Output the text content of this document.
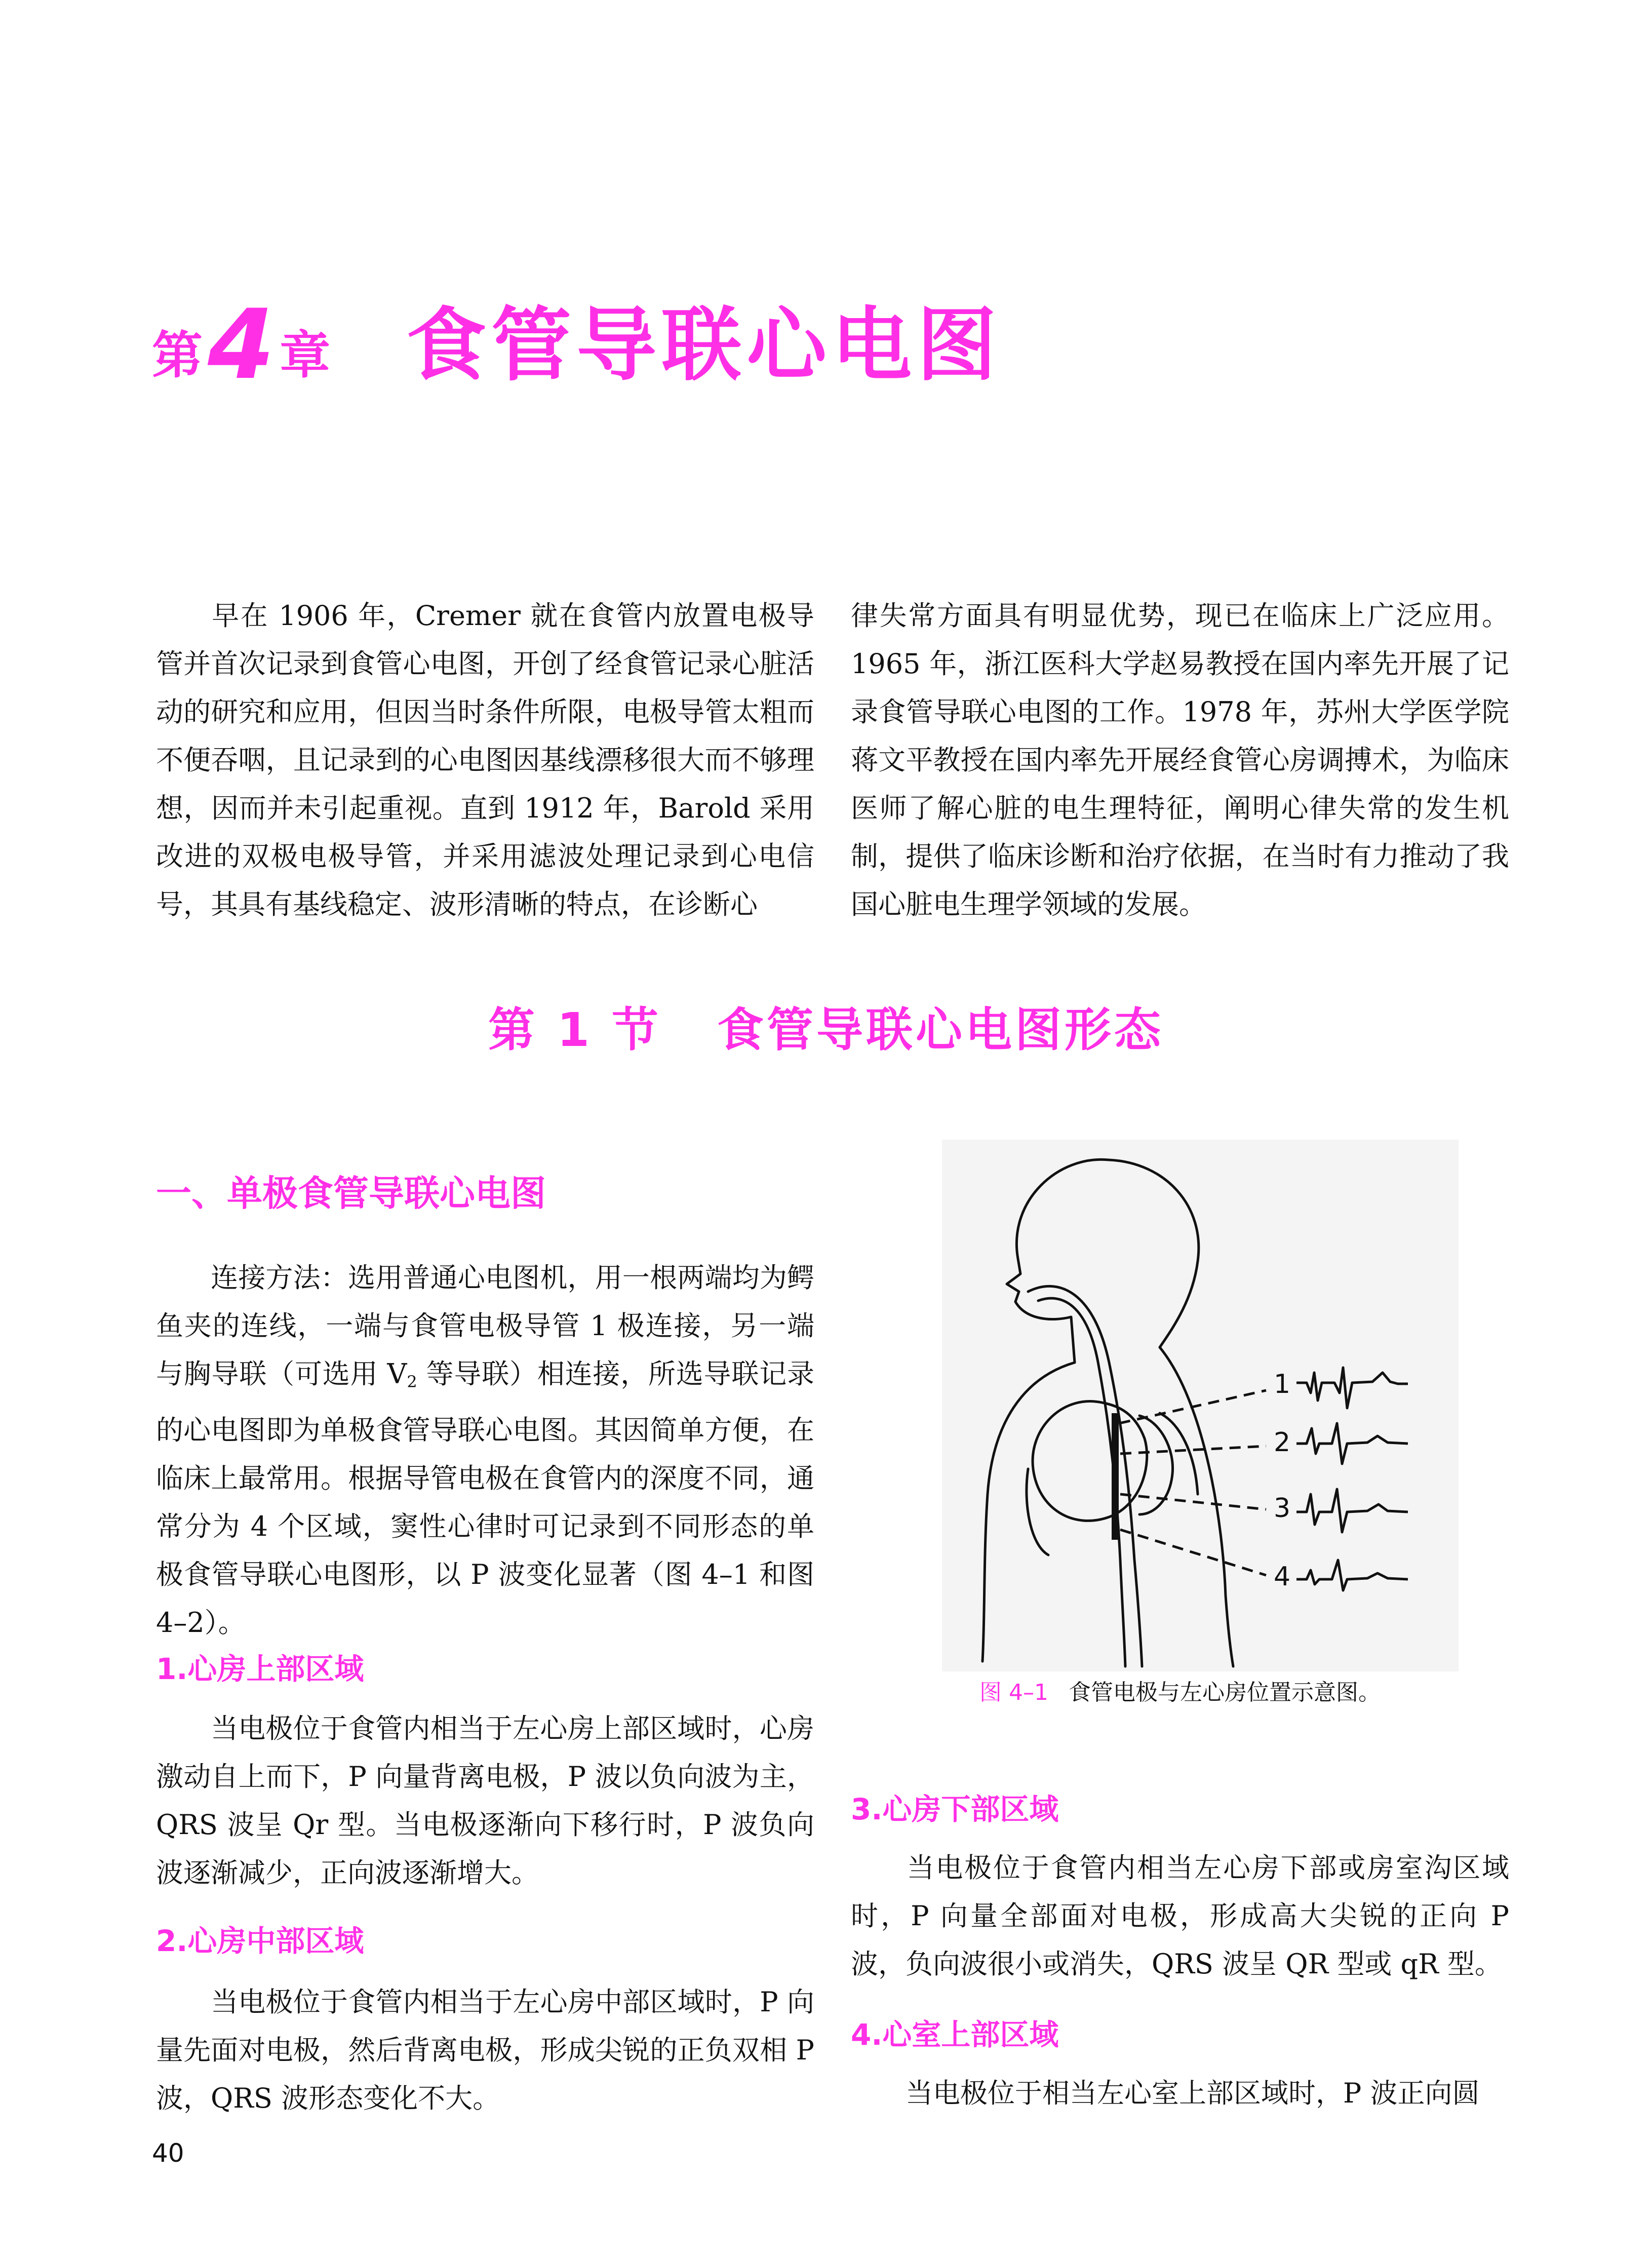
第4 章 食管导联心电图
早在 1906 年，Cremer 就在食管内放置电极导管并首次记录到食管心电图，开创了经食管记录心脏活动的研究和应用，但因当时条件所限，电极导管太粗而不便吞咽，且记录到的心电图因基线漂移很大而不够理想，因而并未引起重视。直到 1912 年，Barold 采用改进的双极电极导管，并采用滤波处理记录到心电信号，其具有基线稳定、波形清晰的特点，在诊断心
律失常方面具有明显优势，现已在临床上广泛应用。1965 年，浙江医科大学赵易教授在国内率先开展了记录食管导联心电图的工作。1978 年，苏州大学医学院蒋文平教授在国内率先开展经食管心房调搏术，为临床医师了解心脏的电生理特征，阐明心律失常的发生机制，提供了临床诊断和治疗依据，在当时有力推动了我国心脏电生理学领域的发展。
第 1 节 食管导联心电图形态
一、单极食管导联心电图
连接方法：选用普通心电图机，用一根两端均为鳄鱼夹的连线，一端与食管电极导管 1 极连接，另一端与胸导联（可选用 $V_2$ 等导联）相连接，所选导联记录的心电图即为单极食管导联心电图。其因简单方便，在临床上最常用。根据导管电极在食管内的深度不同，通常分为 4 个区域，窦性心律时可记录到不同形态的单极食管导联心电图形，以 P 波变化显著（图 4–1 和图 4–2）。
1.心房上部区域
当电极位于食管内相当于左心房上部区域时，心房激动自上而下，P 向量背离电极，P 波以负向波为主，QRS 波呈 Qr 型。当电极逐渐向下移行时，P 波负向波逐渐减少，正向波逐渐增大。
2.心房中部区域
当电极位于食管内相当于左心房中部区域时，P 向量先面对电极，然后背离电极，形成尖锐的正负双相 P 波，QRS 波形态变化不大。
1
2
3
4
图 4–1 食管电极与左心房位置示意图。
3.心房下部区域
当电极位于食管内相当左心房下部或房室沟区域时，P 向量全部面对电极，形成高大尖锐的正向 P 波，负向波很小或消失，QRS 波呈 QR 型或 qR 型。
4.心室上部区域
当电极位于相当左心室上部区域时，P 波正向圆
40
